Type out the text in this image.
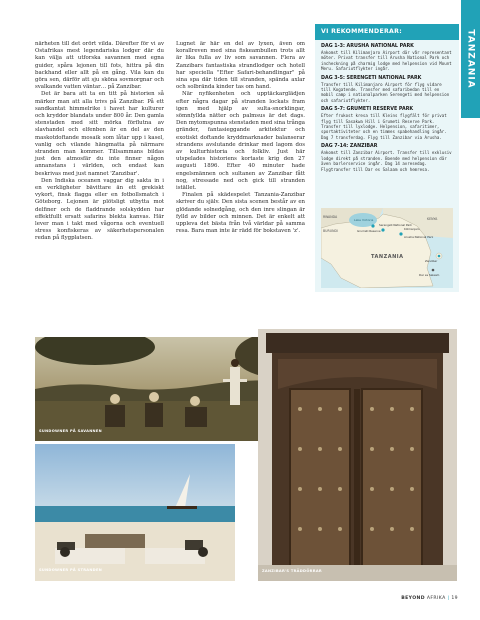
TANZANIA

närheten till det orört vilda. Därefter för vi av Ostafrikas mest legendariska lodger där du kan välja att utforska savannen med egna guider, spåra lejonen till fots, hittra på din backhand eller allt på en gång. Vila kan du göra sen, därför att sju sköna sovmorgnar och svalkande vatten väntar… på Zanzibar.

Det är bara att ta en titt på historien så märker man att alla trivs på Zanzibar. På ett sandkantat himmelrike i havet har kulturer och kryddor blandats under 800 år. Den gamla stenstaden med sitt mörka förflutna av slavhandel och elfenben är en del av den maskotdoftande mosaik som låtar upp i kasel, vanlig och vilande hängmatta på närmare stranden man kommer. Tillsammans bildas just den atmosfär du inte finner någon annanstans i världen, och endast kan beskrivas med just namnet 'Zanzibar'.

Den Indiska oceanen vaggar dig sakta in i en verkligheter bävittare än ett grekiskt vykort, finsk flagga eller en fotbollsmatch i Göteborg. Lejonen är plötsligt utbytta mot delfiner och de fladdrande solskydden har effektfullt ersatt safarins blekta kanvas. Här lever man i takt med vågorna och eventuell stress konfiskeras av säkerhetspersonalen redan på flygplatsen.

Lugnet är här en del av lyxen, även om korallreven med sina fiskeambullen trots allt är lika fulla av liv som savannen. Flera av Zanzibars fantastiska strandlodger och hotell har speciella "Efter Safari-behandlingar" på sina spa där tiden till stranden, spända axlar och solbrända kinder tas om hand.

När nyfikenheten och upptäckarglädjen efter några dagar på stranden lockats fram igen med hjälp av sulta-snorklingar, sömnfyllda nätter och palmsus är det dags. Den mytomspunna stenstaden med sina trånga gränder, fantasieggande arkitektur och exotiskt doftande kryddmarknader balanserar strandens avslutande drinkar med lagom dos av kulturhistoria och folkliv. Just här utspelades historiens kortaste krig den 27 augusti 1896. Efter 40 minuter hade engelsmännen och sultanen av Zanzibar fått nog, stressade ned och gick till stranden istället.

Finalen på skädespelet Tanzania-Zanzibar skriver du själv. Den sista scenen består av en glödande solnedgång, och den inre slingan är fylld av bilder och minnen. Det är enkelt att uppleva det bästa från två världar på samma resa. Bara man inte är rädd för bokstaven 'z'.

VI REKOMMENDERAR:
DAG 1-3: ARUSHA NATIONAL PARK
Ankomst till Kilimanjaro Airport där vår representant möter. Privat transfer till Arusha National Park och incheckning på charmig lodge med helpension vid Mount Meru. Safariutflykter ingår.
DAG 3-5: SERENGETI NATIONAL PARK
Transfer till Kilimanjaro Airport för flyg vidare till Kogatende. Transfer med safaribedan till en mobil camp i nationalparken Serengeti med helpension och safariutflykter.
DAG 5-7: GRUMETI RESERVE PARK
Efter frukost kresa till Kleins flygfält för privat flyg till Sasakwa Hill i Grumeti Reserve Park. Transfer till lyxlodge. Helpension, safaritimer, sportaktiviteter och en timmes spabehandling ingår. Dag 7 transferdag. Flyg till Zanzibar via Arusha.
DAG 7-14: ZANZIBAR
Ankomst till Zanzibar Airport. Transfer till exklusiv lodge direkt på stranden. Boende med helpension där även barlerservice ingår. Dag 14 avresedag. Flygtransfer till Dar es Salaam och hemresa.
RWANDA
BURUNDI
Lake Victoria	KENYA
Serengeti National Park
Kilimanjaro
Arusha National Park
Grumeti Reserve
Zanzibar
Dar es Salaam
TANZANIA
SUNDOWNER PÅ SAVANNEN
SUNDOWNER PÅ STRANDEN	ZANZIBAR'S TRÄDDÖRRAR
BEYOND AFRIKA | 19
